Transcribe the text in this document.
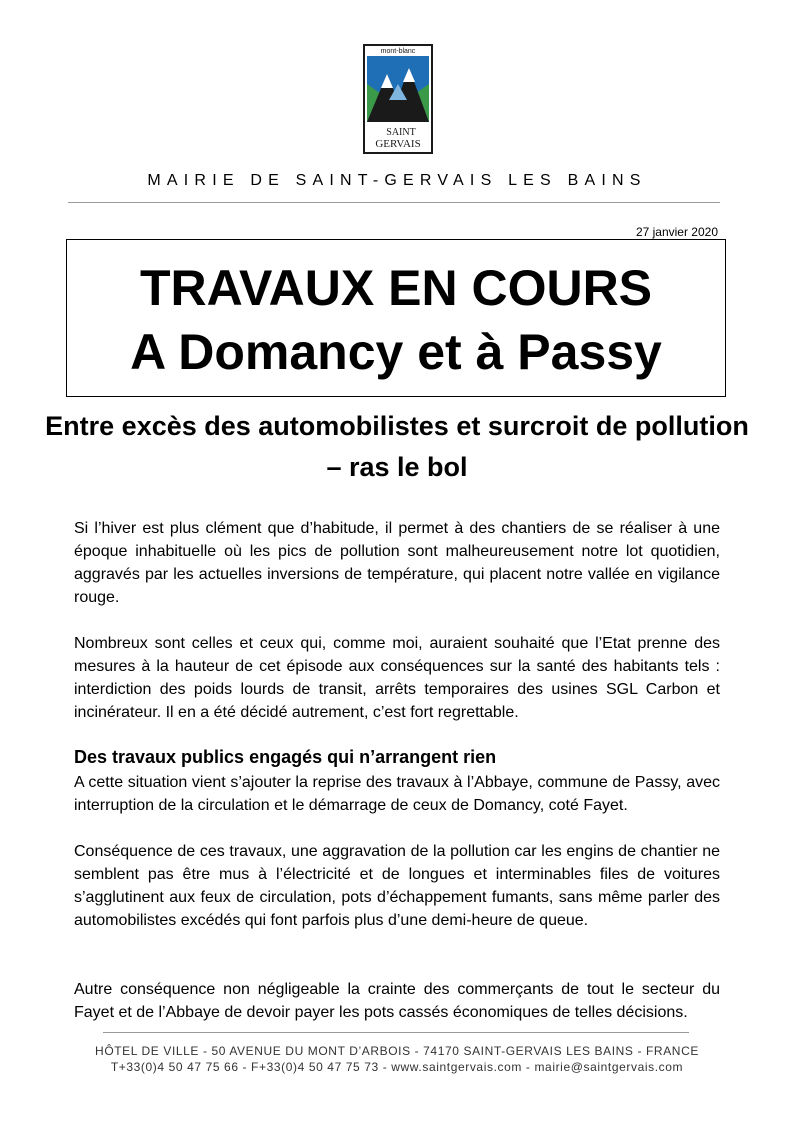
mont-blanc
SAINT
GERVAIS
MAIRIE DE SAINT-GERVAIS LES BAINS
27 janvier 2020
TRAVAUX EN COURS
A Domancy et à Passy
Entre excès des automobilistes et surcroit de pollution – ras le bol

Si l’hiver est plus clément que d’habitude, il permet à des chantiers de se réaliser à une époque inhabituelle où les pics de pollution sont malheureusement notre lot quotidien, aggravés par les actuelles inversions de température, qui placent notre vallée en vigilance rouge.

Nombreux sont celles et ceux qui, comme moi, auraient souhaité que l’Etat prenne des mesures à la hauteur de cet épisode aux conséquences sur la santé des habitants tels : interdiction des poids lourds de transit, arrêts temporaires des usines SGL Carbon et incinérateur. Il en a été décidé autrement, c’est fort regrettable.

Des travaux publics engagés qui n’arrangent rien

A cette situation vient s’ajouter la reprise des travaux à l’Abbaye, commune de Passy, avec interruption de la circulation et le démarrage de ceux de Domancy, coté Fayet.

Conséquence de ces travaux, une aggravation de la pollution car les engins de chantier ne semblent pas être mus à l’électricité et de longues et interminables files de voitures s’agglutinent aux feux de circulation, pots d’échappement fumants, sans même parler des automobilistes excédés qui font parfois plus d’une demi-heure de queue.

Autre conséquence non négligeable la crainte des commerçants de tout le secteur du Fayet et de l’Abbaye de devoir payer les pots cassés économiques de telles décisions.

HÔTEL DE VILLE - 50 AVENUE DU MONT D’ARBOIS - 74170 SAINT-GERVAIS LES BAINS - FRANCE
T+33(0)4 50 47 75 66 - F+33(0)4 50 47 75 73 - www.saintgervais.com - mairie@saintgervais.com
